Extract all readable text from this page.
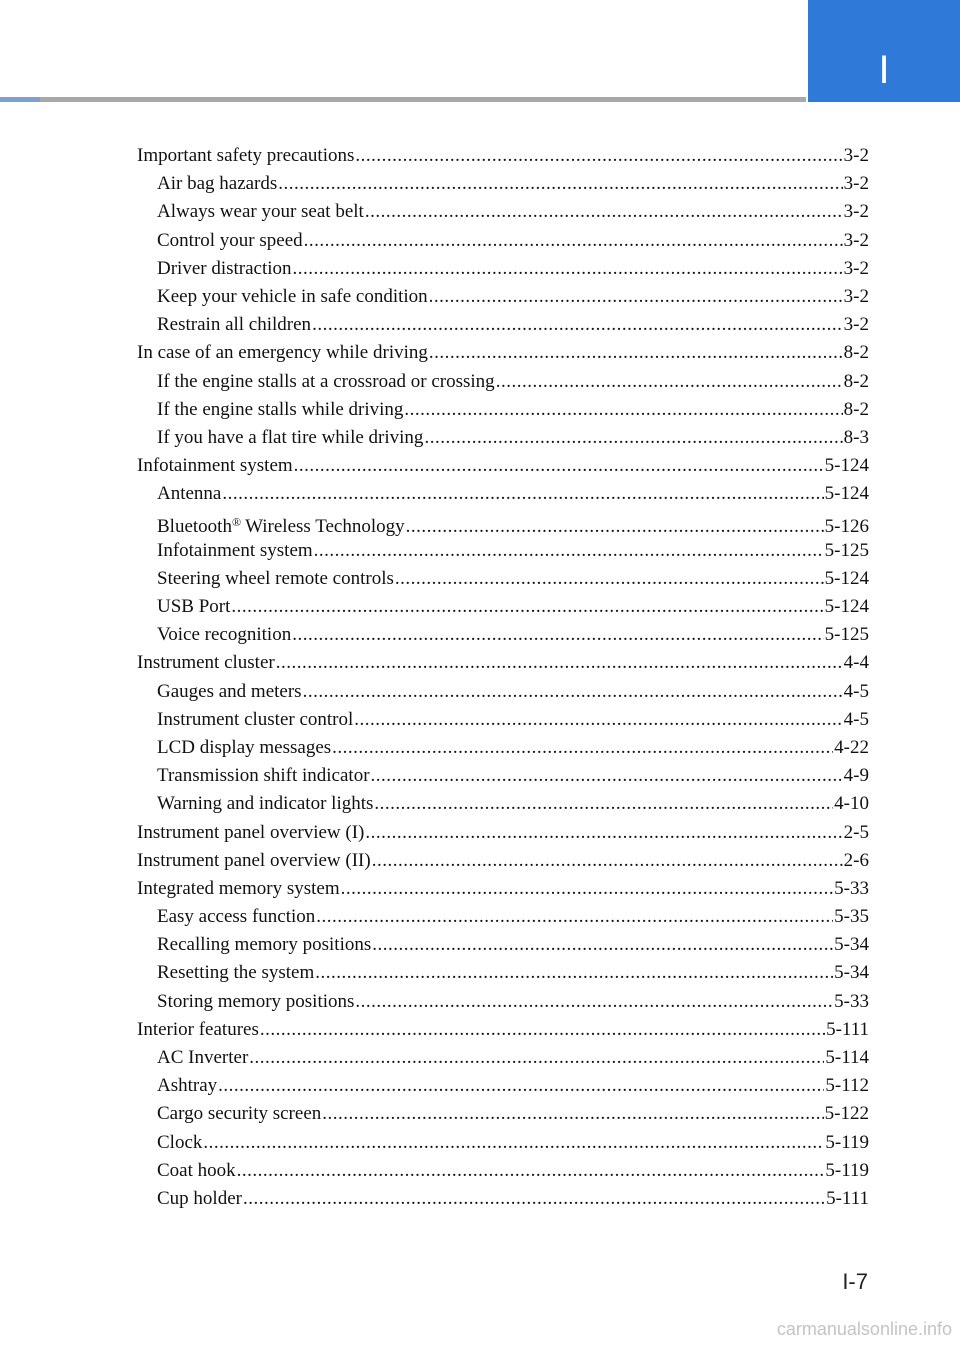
I
Important safety precautions .....	3-2
Air bag hazards .....	3-2
Always wear your seat belt .....	3-2
Control your speed .....	3-2
Driver distraction .....	3-2
Keep your vehicle in safe condition .....	3-2
Restrain all children .....	3-2
In case of an emergency while driving .....	8-2
If the engine stalls at a crossroad or crossing .....	8-2
If the engine stalls while driving .....	8-2
If you have a flat tire while driving .....	8-3
Infotainment system .....	5-124
Antenna .....	5-124
Bluetooth® Wireless Technology .....	5-126
Infotainment system .....	5-125
Steering wheel remote controls .....	5-124
USB Port .....	5-124
Voice recognition .....	5-125
Instrument cluster .....	4-4
Gauges and meters .....	4-5
Instrument cluster control .....	4-5
LCD display messages .....	4-22
Transmission shift indicator .....	4-9
Warning and indicator lights .....	4-10
Instrument panel overview (I) .....	2-5
Instrument panel overview (II) .....	2-6
Integrated memory system .....	5-33
Easy access function .....	5-35
Recalling memory positions .....	5-34
Resetting the system .....	5-34
Storing memory positions .....	5-33
Interior features .....	5-111
AC Inverter .....	5-114
Ashtray .....	5-112
Cargo security screen .....	5-122
Clock .....	5-119
Coat hook .....	5-119
Cup holder .....	5-111
I-7
carmanualsonline.info
